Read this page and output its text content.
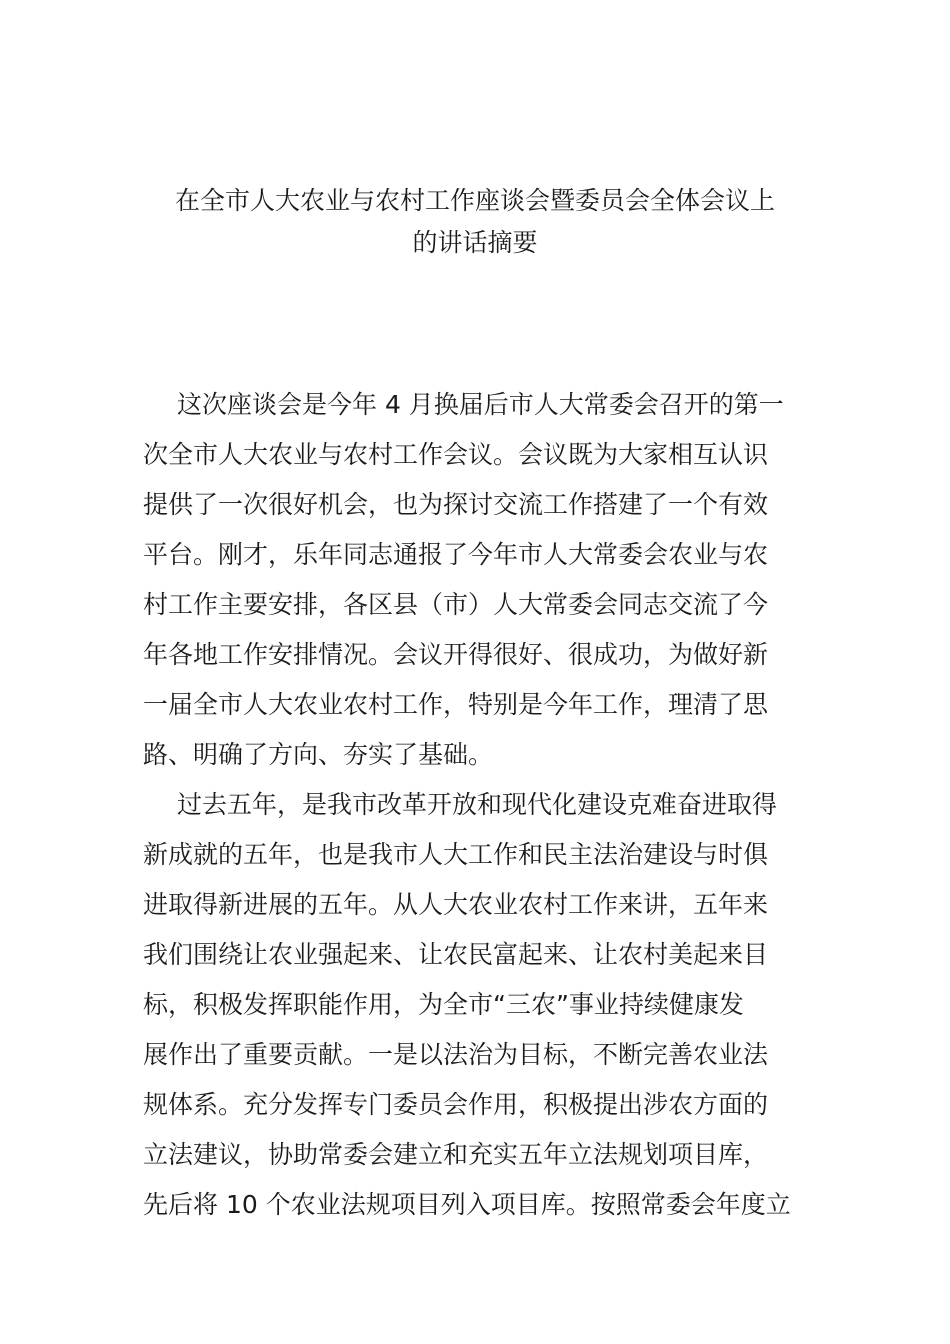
在全市人大农业与农村工作座谈会暨委员会全体会议上
的讲话摘要
这次座谈会是今年 4 月换届后市人大常委会召开的第一
次全市人大农业与农村工作会议。会议既为大家相互认识
提供了一次很好机会，也为探讨交流工作搭建了一个有效
平台。刚才，乐年同志通报了今年市人大常委会农业与农
村工作主要安排，各区县（市）人大常委会同志交流了今
年各地工作安排情况。会议开得很好、很成功，为做好新
一届全市人大农业农村工作，特别是今年工作，理清了思
路、明确了方向、夯实了基础。
过去五年，是我市改革开放和现代化建设克难奋进取得
新成就的五年，也是我市人大工作和民主法治建设与时俱
进取得新进展的五年。从人大农业农村工作来讲，五年来
我们围绕让农业强起来、让农民富起来、让农村美起来目
标，积极发挥职能作用，为全市“三农”事业持续健康发
展作出了重要贡献。一是以法治为目标，不断完善农业法
规体系。充分发挥专门委员会作用，积极提出涉农方面的
立法建议，协助常委会建立和充实五年立法规划项目库，
先后将 10 个农业法规项目列入项目库。按照常委会年度立
